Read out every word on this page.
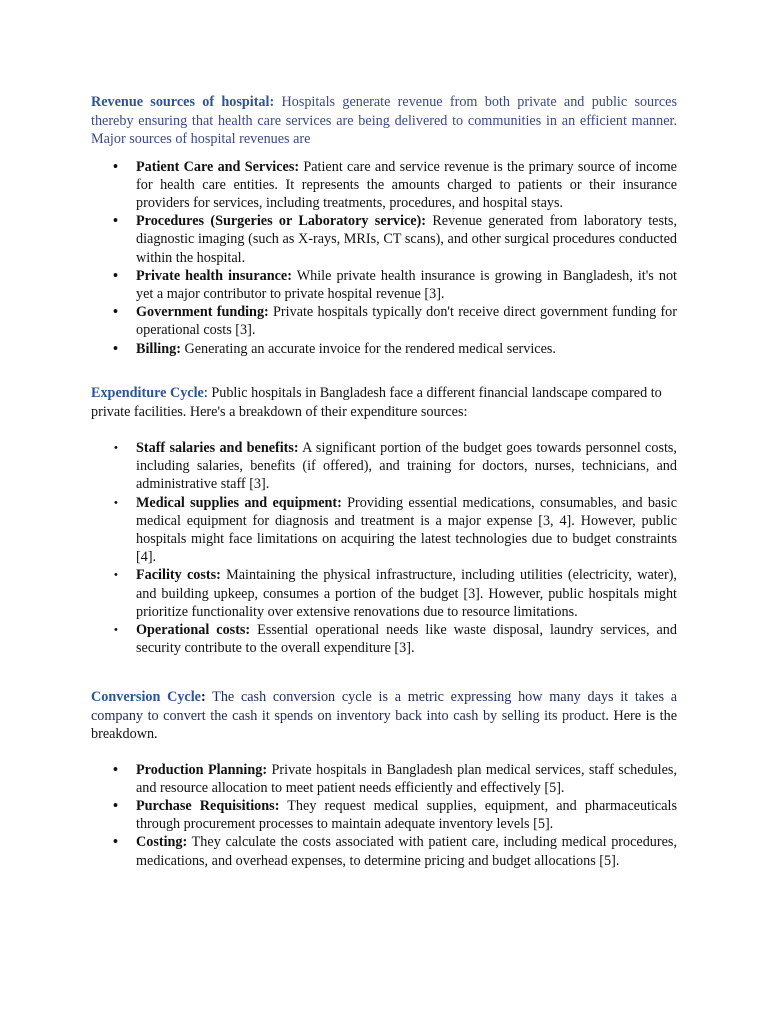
Revenue sources of hospital: Hospitals generate revenue from both private and public sources thereby ensuring that health care services are being delivered to communities in an efficient manner. Major sources of hospital revenues are

• Patient Care and Services: Patient care and service revenue is the primary source of income for health care entities. It represents the amounts charged to patients or their insurance providers for services, including treatments, procedures, and hospital stays.
• Procedures (Surgeries or Laboratory service): Revenue generated from laboratory tests, diagnostic imaging (such as X-rays, MRIs, CT scans), and other surgical procedures conducted within the hospital.
• Private health insurance: While private health insurance is growing in Bangladesh, it's not yet a major contributor to private hospital revenue [3].
• Government funding: Private hospitals typically don't receive direct government funding for operational costs [3].
• Billing: Generating an accurate invoice for the rendered medical services.

Expenditure Cycle: Public hospitals in Bangladesh face a different financial landscape compared to private facilities. Here's a breakdown of their expenditure sources:

• Staff salaries and benefits: A significant portion of the budget goes towards personnel costs, including salaries, benefits (if offered), and training for doctors, nurses, technicians, and administrative staff [3].
• Medical supplies and equipment: Providing essential medications, consumables, and basic medical equipment for diagnosis and treatment is a major expense [3, 4]. However, public hospitals might face limitations on acquiring the latest technologies due to budget constraints [4].
• Facility costs: Maintaining the physical infrastructure, including utilities (electricity, water), and building upkeep, consumes a portion of the budget [3]. However, public hospitals might prioritize functionality over extensive renovations due to resource limitations.
• Operational costs: Essential operational needs like waste disposal, laundry services, and security contribute to the overall expenditure [3].

Conversion Cycle: The cash conversion cycle is a metric expressing how many days it takes a company to convert the cash it spends on inventory back into cash by selling its product. Here is the breakdown.

• Production Planning: Private hospitals in Bangladesh plan medical services, staff schedules, and resource allocation to meet patient needs efficiently and effectively [5].
• Purchase Requisitions: They request medical supplies, equipment, and pharmaceuticals through procurement processes to maintain adequate inventory levels [5].
• Costing: They calculate the costs associated with patient care, including medical procedures, medications, and overhead expenses, to determine pricing and budget allocations [5].
